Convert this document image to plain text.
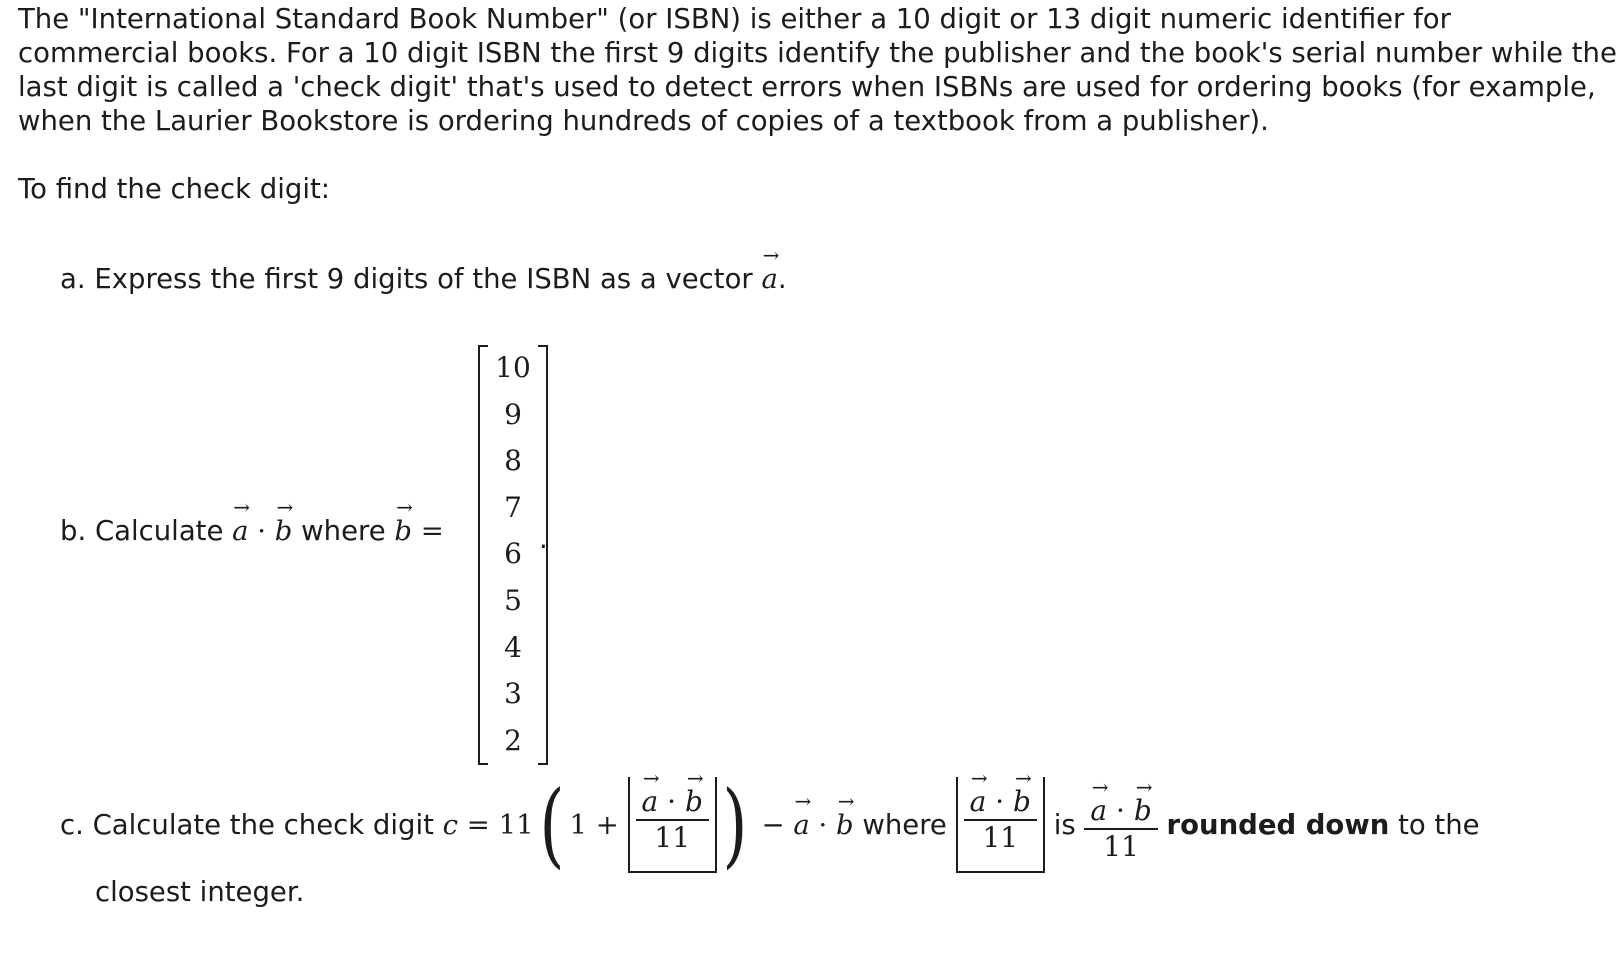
The "International Standard Book Number" (or ISBN) is either a 10 digit or 13 digit numeric identifier for commercial books. For a 10 digit ISBN the first 9 digits identify the publisher and the book's serial number while the last digit is called a 'check digit' that's used to detect errors when ISBNs are used for ordering books (for example, when the Laurier Bookstore is ordering hundreds of copies of a textbook from a publisher).
To find the check digit:
a. Express the first 9 digits of the ISBN as a vector → a.
b. Calculate → a · → b where → b =
10
9
8
7
6
5
4
3
2
.
c. Calculate the check digit
c
=
11 ( 1
+
→ $\frac{a \cdot \to b}{11}$ )
−
→ a
·
→ b
where
→ $\frac{a \cdot \to b}{11}$
is
→ $\frac{a \cdot \to b}{11}$
rounded down
to the
closest integer.
